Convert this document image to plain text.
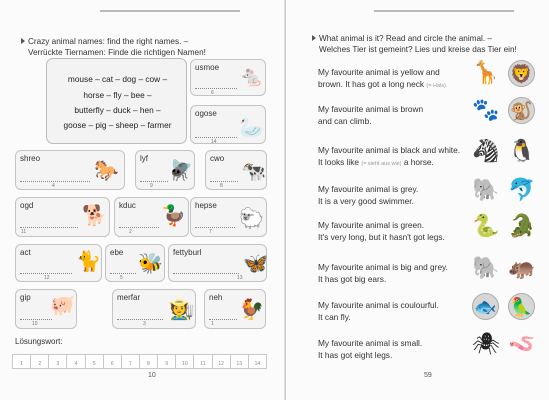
Crazy animal names: find the right names. –
Verrückte Tiernamen: Finde die richtigen Namen!
mouse – cat – dog – cow –
horse – fly – bee –
butterfly – duck – hen –
goose – pig – sheep – farmer
usmoe 🐁
6
ogose
🦢
14
shreo	🐎
4
lyf 🪰
9
cwo
🐄
8
ogd 🐕
11
kduc 🦆
2
hepse
🐑
7
act 🐈
12
ebe 🐝
5
fettyburl 🦋
13
gip 🐖
10
merfar 🧑‍🌾
3
neh 🐓
1
Lösungswort:
1	2	3	4	5	6	7	8	9	10	11	12	13	14
10
What animal is it? Read and circle the animal. –
Welches Tier ist gemeint? Lies und kreise das Tier ein!
My favourite animal is yellow and
brown. It has got a long neck (= Hals). 🦒 🦁
My favourite animal is brown
and can climb.	🐾 🐒
My favourite animal is black and white.
It looks like (= sieht aus wie) a horse.	🦓 🐧
My favourite animal is grey.
It is a very good swimmer.	🐘 🐬
My favourite animal is green.
It's very long, but it hasn't got legs. 🐍 🐊
My favourite animal is big and grey.
It has got big ears.	🐘 🦛
My favourite animal is coulourful.
It can fly.	🐟 🦜
My favourite animal is small.
It has got eight legs.	🕷 🪱
59
